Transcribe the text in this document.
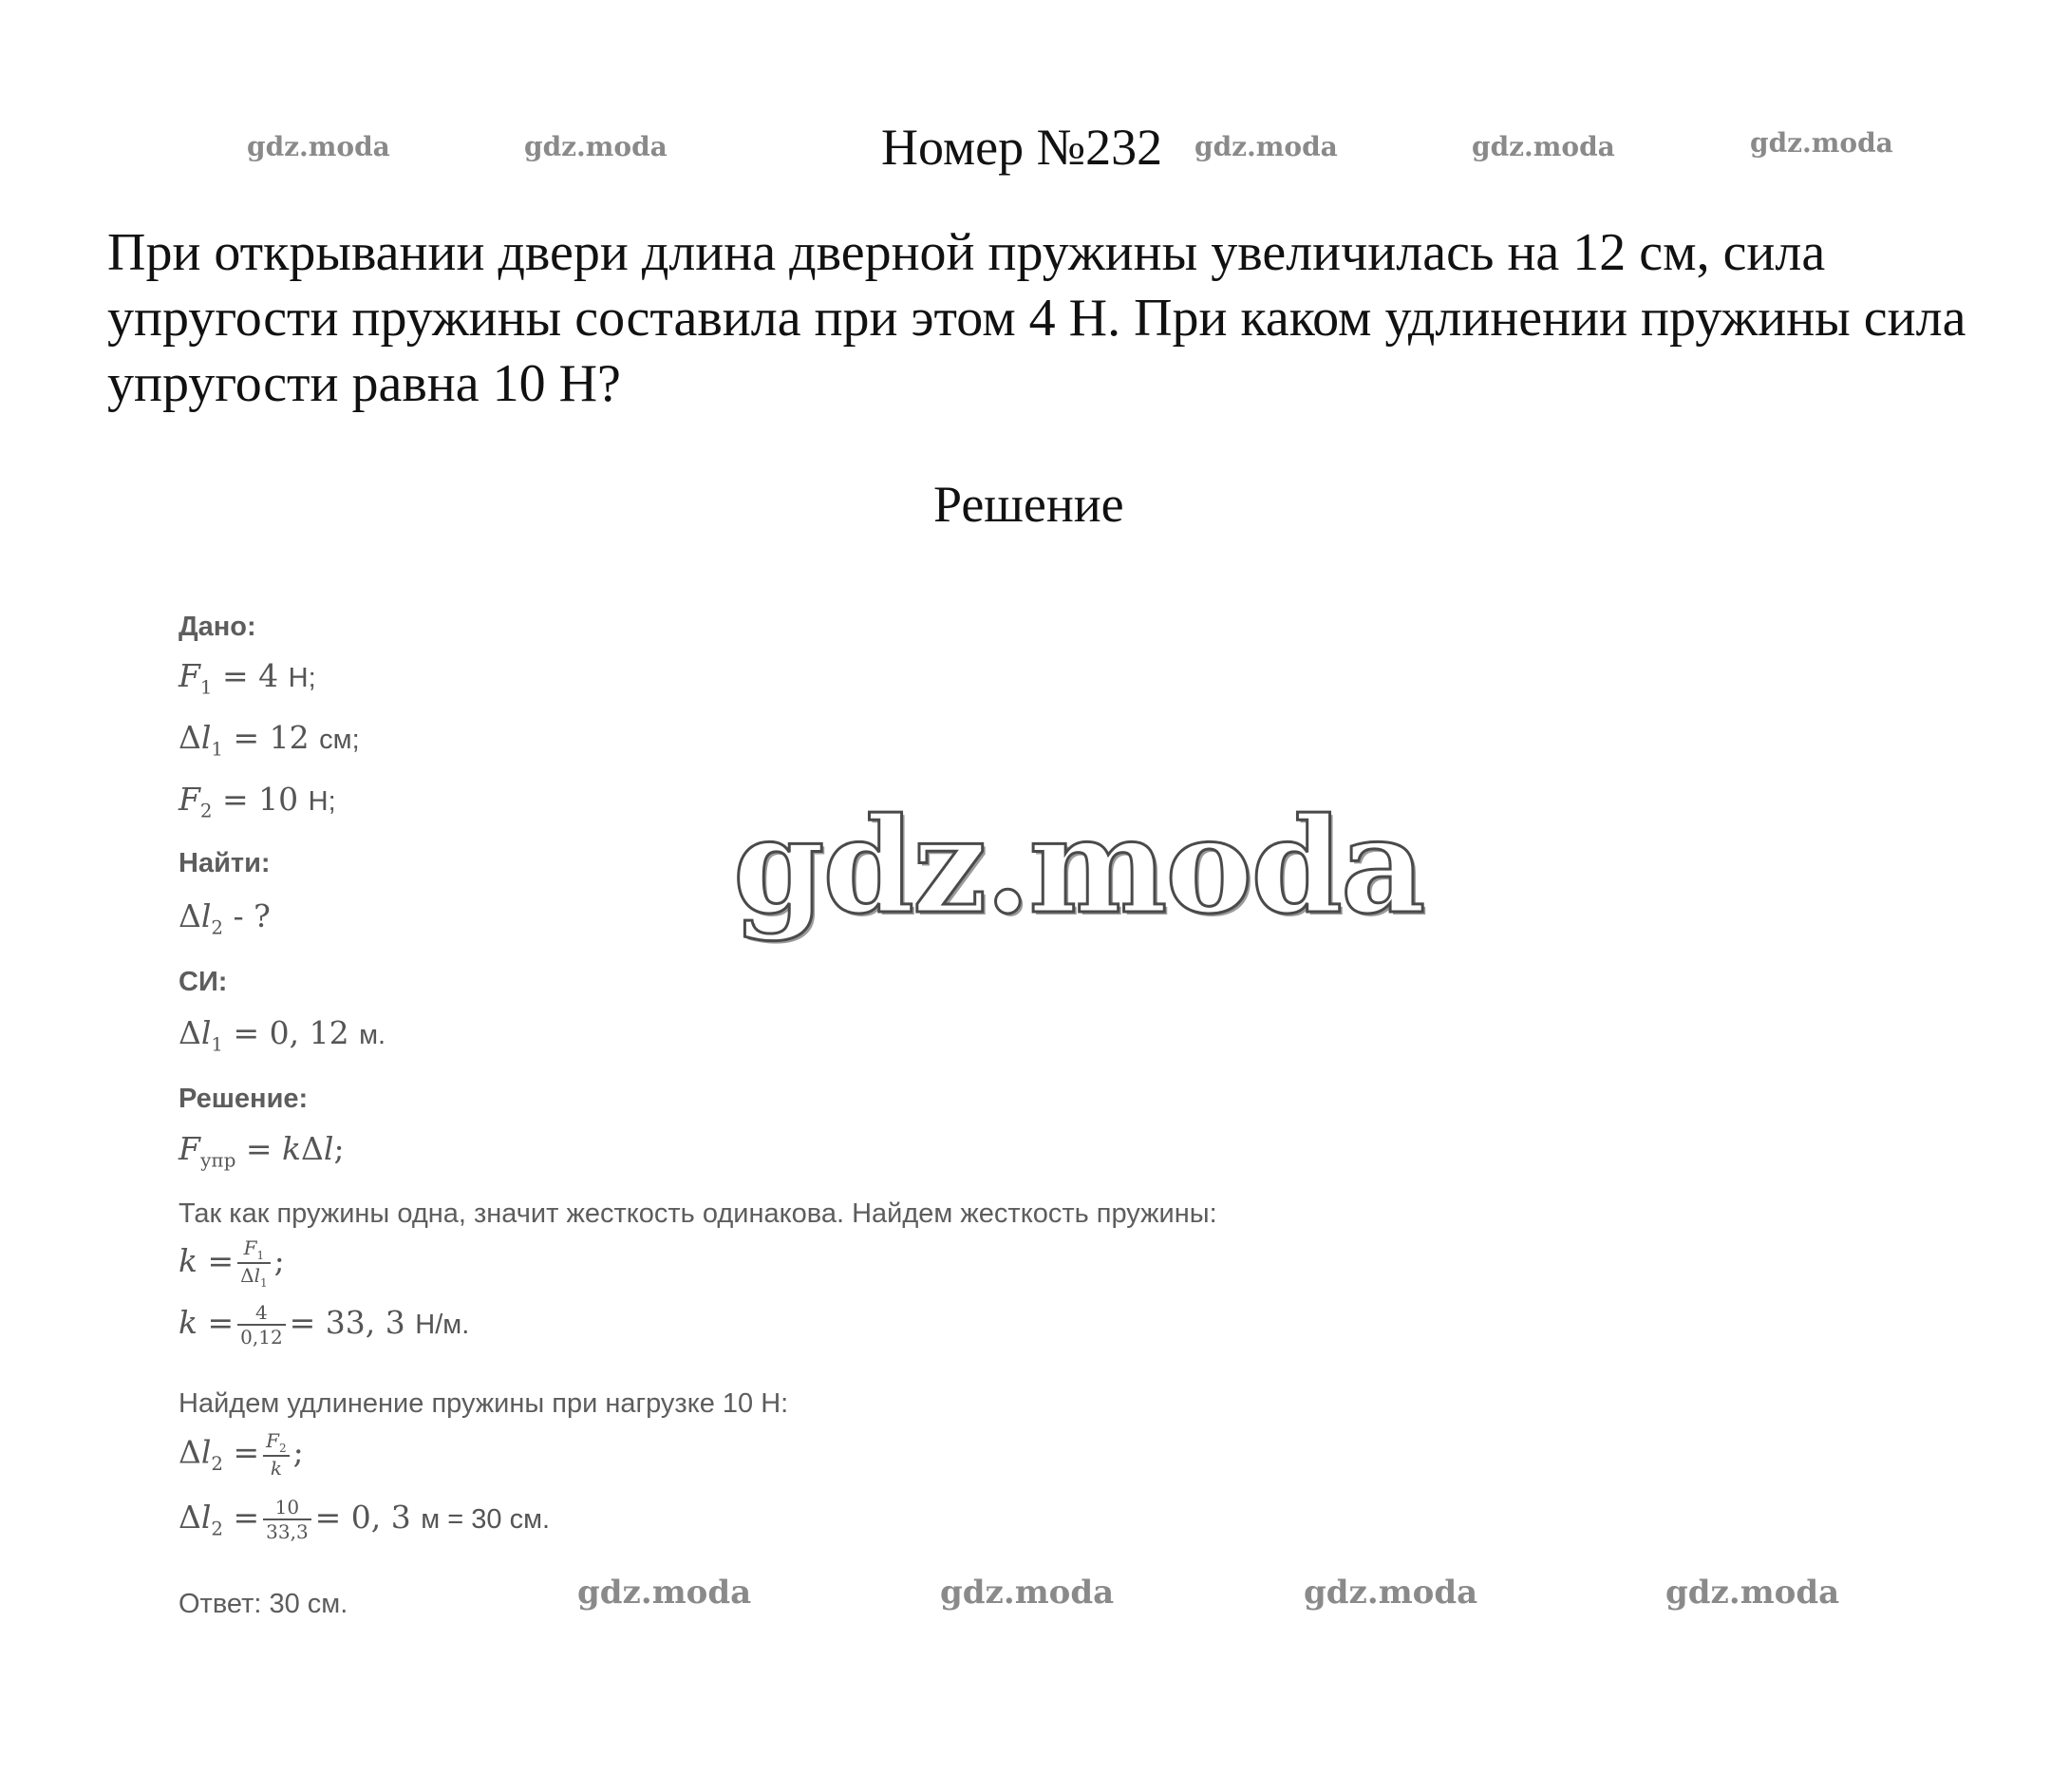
gdz.moda	gdz.moda	gdz.moda	gdz.moda	gdz.moda
Номер №232

При открывании двери длина дверной пружины увеличилась на 12 см, сила упругости пружины составила при этом 4 Н. При каком удлинении пружины сила упругости равна 10 Н?

Решение
gdz.moda
Дано:
$F_1 = 4$ Н;
$\Delta l_1 = 12$ см;
$F_2 = 10$ Н;
Найти:
$\Delta l_2$ - ?
СИ:
$\Delta l_1 = 0$, 12 м.
Решение:
$F_{упр} = k\Delta l$;
Так как пружины одна, значит жесткость одинакова. Найдем жесткость пружины:
$k = \frac{F_1}{\Delta l_1}$ ;
$k = \frac{4}{0,12} = 33$, 3 Н/м.
Найдем удлинение пружины при нагрузке 10 Н:
$\Delta l_2 = \frac{F_2}{k}$ ;
$\Delta l_2 = \frac{10}{33,3} = 0$, 3 м = 30 см.
Ответ: 30 см.	gdz.moda	gdz.moda	gdz.moda	gdz.moda
